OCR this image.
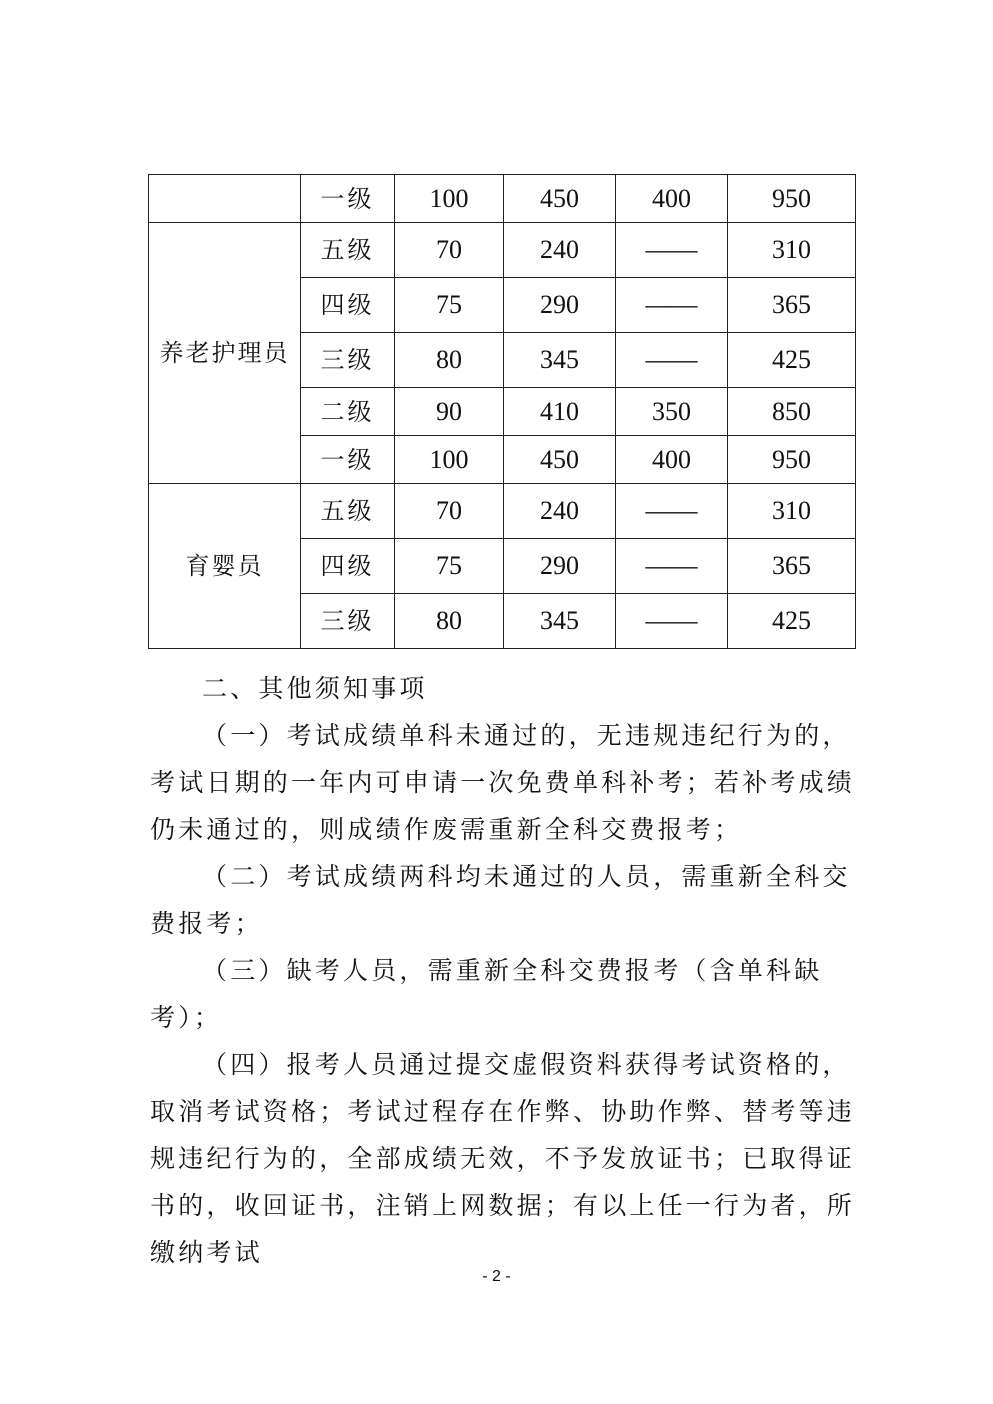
	一级	100	450	400	950
养老护理员	五级	70	240	——	310
	四级	75	290	——	365
	三级	80	345	——	425
	二级	90	410	350	850
	一级	100	450	400	950
育婴员	五级	70	240	——	310
	四级	75	290	——	365
	三级	80	345	——	425

二、其他须知事项

（一）考试成绩单科未通过的，无违规违纪行为的，考试日期的一年内可申请一次免费单科补考；若补考成绩仍未通过的，则成绩作废需重新全科交费报考；

（二）考试成绩两科均未通过的人员，需重新全科交费报考；

（三）缺考人员，需重新全科交费报考（含单科缺考）；

（四）报考人员通过提交虚假资料获得考试资格的，取消考试资格；考试过程存在作弊、协助作弊、替考等违规违纪行为的，全部成绩无效，不予发放证书；已取得证书的，收回证书，注销上网数据；有以上任一行为者，所缴纳考试

- 2 -
